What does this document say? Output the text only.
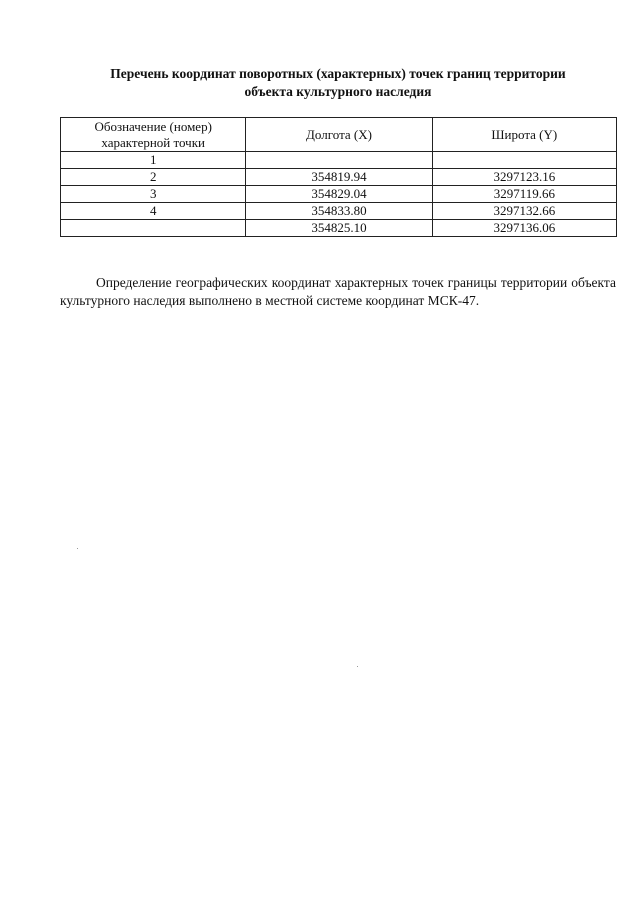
Перечень координат поворотных (характерных) точек границ территории
объекта культурного наследия
Обозначение (номер)
характерной точки	Долгота (X)	Широта (Y)
1		
2	354819.94	3297123.16
3	354829.04	3297119.66
4	354833.80	3297132.66
	354825.10	3297136.06

Определение географических координат характерных точек границы территории объекта культурного наследия выполнено в местной системе координат МСК-47.
